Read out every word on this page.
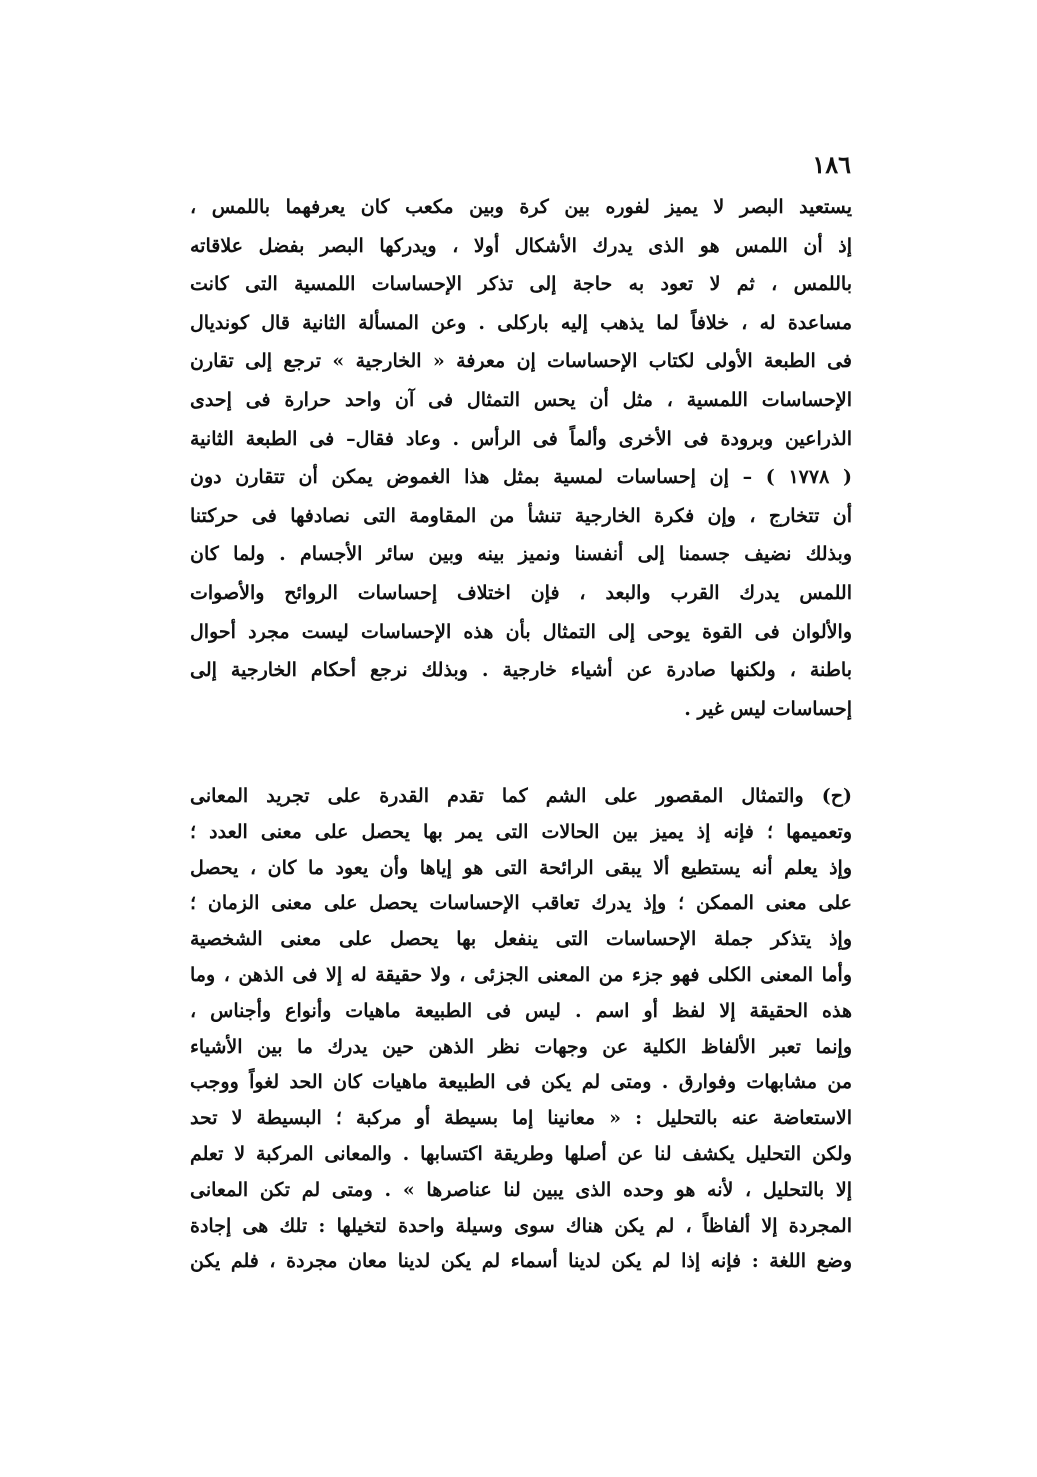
١٨٦
يستعيد البصر لا يميز لفوره بين كرة وبين مكعب كان يعرفهما باللمس ،
إذ أن اللمس هو الذى يدرك الأشكال أولا ، ويدركها البصر بفضل علاقاته
باللمس ، ثم لا تعود به حاجة إلى تذكر الإحساسات اللمسية التى كانت
مساعدة له ، خلافاً لما يذهب إليه باركلى . وعن المسألة الثانية قال كونديال
فى الطبعة الأولى لكتاب الإحساسات إن معرفة « الخارجية » ترجع إلى تقارن
الإحساسات اللمسية ، مثل أن يحس التمثال فى آن واحد حرارة فى إحدى
الذراعين وبرودة فى الأخرى وألماً فى الرأس . وعاد فقال– فى الطبعة الثانية
( ١٧٧٨ ) – إن إحساسات لمسية بمثل هذا الغموض يمكن أن تتقارن دون
أن تتخارج ، وإن فكرة الخارجية تنشأ من المقاومة التى نصادفها فى حركتنا
وبذلك نضيف جسمنا إلى أنفسنا ونميز بينه وبين سائر الأجسام . ولما كان
اللمس يدرك القرب والبعد ، فإن اختلاف إحساسات الروائح والأصوات
والألوان فى القوة يوحى إلى التمثال بأن هذه الإحساسات ليست مجرد أحوال
باطنة ، ولكنها صادرة عن أشياء خارجية . وبذلك نرجع أحكام الخارجية إلى
إحساسات ليس غير .
(ح) والتمثال المقصور على الشم كما تقدم القدرة على تجريد المعانى
وتعميمها ؛ فإنه إذ يميز بين الحالات التى يمر بها يحصل على معنى العدد ؛
وإذ يعلم أنه يستطيع ألا يبقى الرائحة التى هو إياها وأن يعود ما كان ، يحصل
على معنى الممكن ؛ وإذ يدرك تعاقب الإحساسات يحصل على معنى الزمان ؛
وإذ يتذكر جملة الإحساسات التى ينفعل بها يحصل على معنى الشخصية
وأما المعنى الكلى فهو جزء من المعنى الجزئى ، ولا حقيقة له إلا فى الذهن ، وما
هذه الحقيقة إلا لفظ أو اسم . ليس فى الطبيعة ماهيات وأنواع وأجناس ،
وإنما تعبر الألفاظ الكلية عن وجهات نظر الذهن حين يدرك ما بين الأشياء
من مشابهات وفوارق . ومتى لم يكن فى الطبيعة ماهيات كان الحد لغواً ووجب
الاستعاضة عنه بالتحليل : « معانينا إما بسيطة أو مركبة ؛ البسيطة لا تحد
ولكن التحليل يكشف لنا عن أصلها وطريقة اكتسابها . والمعانى المركبة لا تعلم
إلا بالتحليل ، لأنه هو وحده الذى يبين لنا عناصرها » . ومتى لم تكن المعانى
المجردة إلا ألفاظاً ، لم يكن هناك سوى وسيلة واحدة لتخيلها : تلك هى إجادة
وضع اللغة : فإنه إذا لم يكن لدينا أسماء لم يكن لدينا معان مجردة ، فلم يكن
